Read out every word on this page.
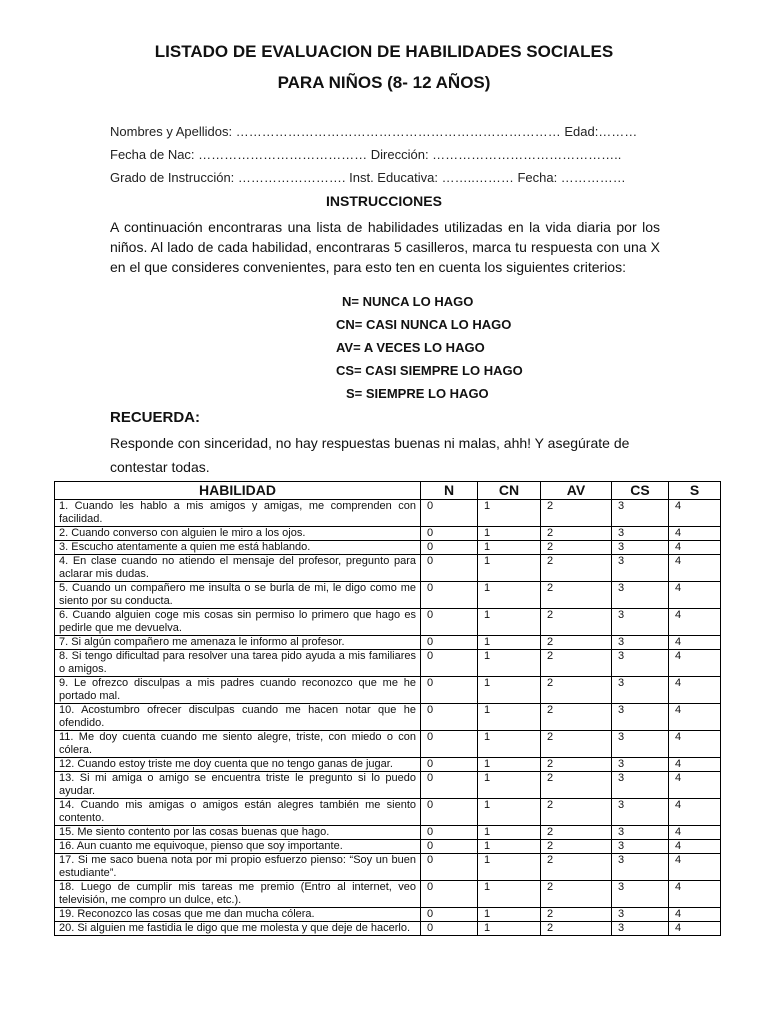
LISTADO DE EVALUACION DE HABILIDADES SOCIALES
PARA NIÑOS (8- 12 AÑOS)
Nombres y Apellidos: ………………………………………………………………… Edad:………
Fecha de Nac: ………………………………… Dirección: ……………………………………..
Grado de Instrucción: ……………………. Inst. Educativa: ……..……… Fecha: ……………
INSTRUCCIONES
A continuación encontraras una lista de habilidades utilizadas en la vida diaria por los niños. Al lado de cada habilidad, encontraras 5 casilleros, marca tu respuesta con una X en el que consideres convenientes, para esto ten en cuenta los siguientes criterios:
N= NUNCA LO HAGO
CN= CASI NUNCA LO HAGO
AV= A VECES LO HAGO
CS= CASI SIEMPRE LO HAGO
S= SIEMPRE LO HAGO
RECUERDA:
Responde con sinceridad, no hay respuestas buenas ni malas, ahh! Y asegúrate de contestar todas.
HABILIDAD	N	CN	AV	CS	S
1. Cuando les hablo a mis amigos y amigas, me comprenden con facilidad.	0	1	2	3	4
2. Cuando converso con alguien le miro a los ojos.	0	1	2	3	4
3. Escucho atentamente a quien me está hablando.	0	1	2	3	4
4. En clase cuando no atiendo el mensaje del profesor, pregunto para aclarar mis dudas.	0	1	2	3	4
5. Cuando un compañero me insulta o se burla de mi, le digo como me siento por su conducta.	0	1	2	3	4
6. Cuando alguien coge mis cosas sin permiso lo primero que hago es pedirle que me devuelva.	0	1	2	3	4
7. Si algún compañero me amenaza le informo al profesor.	0	1	2	3	4
8. Si tengo dificultad para resolver una tarea pido ayuda a mis familiares o amigos.	0	1	2	3	4
9. Le ofrezco disculpas a mis padres cuando reconozco que me he portado mal.	0	1	2	3	4
10. Acostumbro ofrecer disculpas cuando me hacen notar que he ofendido.	0	1	2	3	4
11. Me doy cuenta cuando me siento alegre, triste, con miedo o con cólera.	0	1	2	3	4
12. Cuando estoy triste me doy cuenta que no tengo ganas de jugar.	0	1	2	3	4
13. Si mi amiga o amigo se encuentra triste le pregunto si lo puedo ayudar.	0	1	2	3	4
14. Cuando mis amigas o amigos están alegres también me siento contento.	0	1	2	3	4
15. Me siento contento por las cosas buenas que hago.	0	1	2	3	4
16. Aun cuanto me equivoque, pienso que soy importante.	0	1	2	3	4
17. Si me saco buena nota por mi propio esfuerzo pienso: “Soy un buen estudiante”.	0	1	2	3	4
18. Luego de cumplir mis tareas me premio (Entro al internet, veo televisión, me compro un dulce, etc.).	0	1	2	3	4
19. Reconozco las cosas que me dan mucha cólera.	0	1	2	3	4
20. Si alguien me fastidia le digo que me molesta y que deje de hacerlo.	0	1	2	3	4
